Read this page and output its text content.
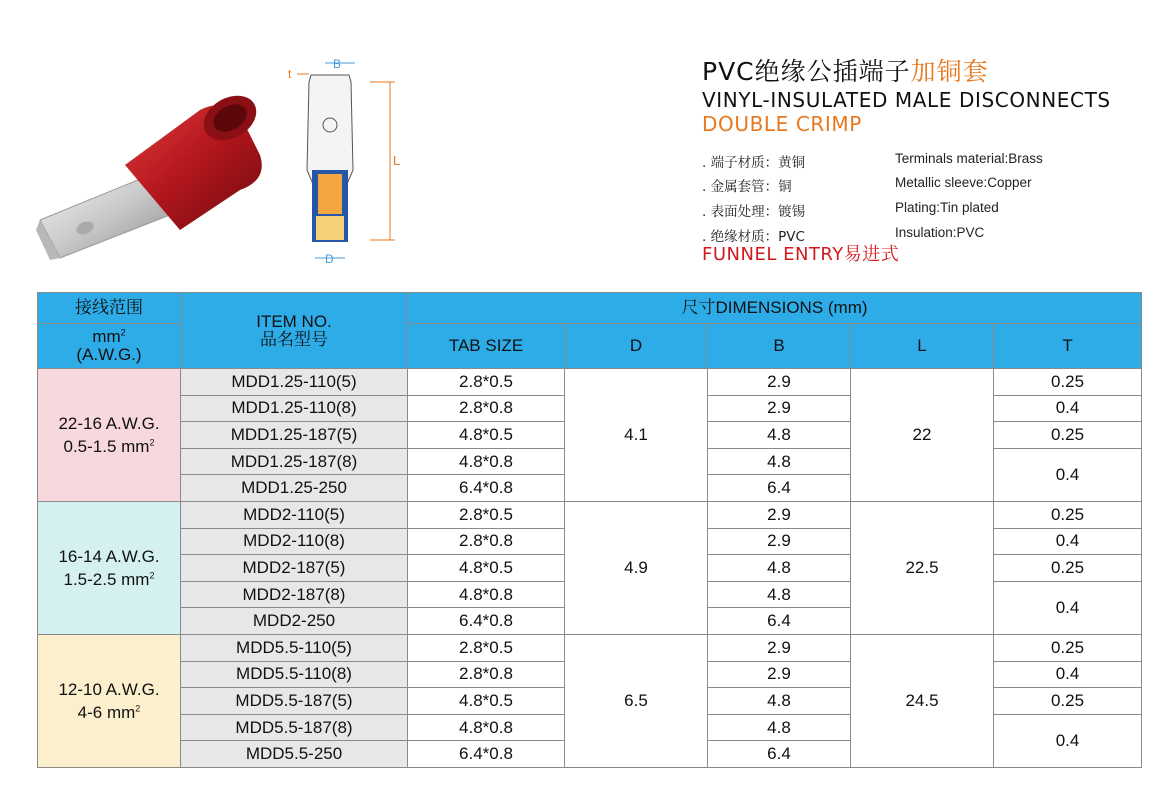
B
t
L
D
PVC绝缘公插端子加铜套
VINYL-INSULATED MALE DISCONNECTS
DOUBLE CRIMP
. 端子材质：黄铜
. 金属套管：铜
. 表面处理：镀锡
. 绝缘材质：PVC
Terminals material:Brass
Metallic sleeve:Copper
Plating:Tin plated
Insulation:PVC
FUNNEL ENTRY易进式
接线范围	ITEM NO.
品名型号	尺寸DIMENSIONS (mm)				

$mm^2$
(A.W.G.)		TAB SIZE	D	B	L	T

22-16 A.W.G.
0.5-1.5 $mm^2$	MDD1.25-110(5)	2.8*0.5	4.1	2.9	22	0.25
	MDD1.25-110(8)	2.8*0.8		2.9		0.4
	MDD1.25-187(5)	4.8*0.5		4.8		0.25
	MDD1.25-187(8)	4.8*0.8		4.8		0.4
	MDD1.25-250	6.4*0.8		6.4		

16-14 A.W.G.
1.5-2.5 $mm^2$	MDD2-110(5)	2.8*0.5	4.9	2.9	22.5	0.25
	MDD2-110(8)	2.8*0.8		2.9		0.4
	MDD2-187(5)	4.8*0.5		4.8		0.25
	MDD2-187(8)	4.8*0.8		4.8		0.4
	MDD2-250	6.4*0.8		6.4		

12-10 A.W.G.
4-6 $mm^2$	MDD5.5-110(5)	2.8*0.5	6.5	2.9	24.5	0.25
	MDD5.5-110(8)	2.8*0.8		2.9		0.4
	MDD5.5-187(5)	4.8*0.5		4.8		0.25
	MDD5.5-187(8)	4.8*0.8		4.8		0.4
	MDD5.5-250	6.4*0.8		6.4		
